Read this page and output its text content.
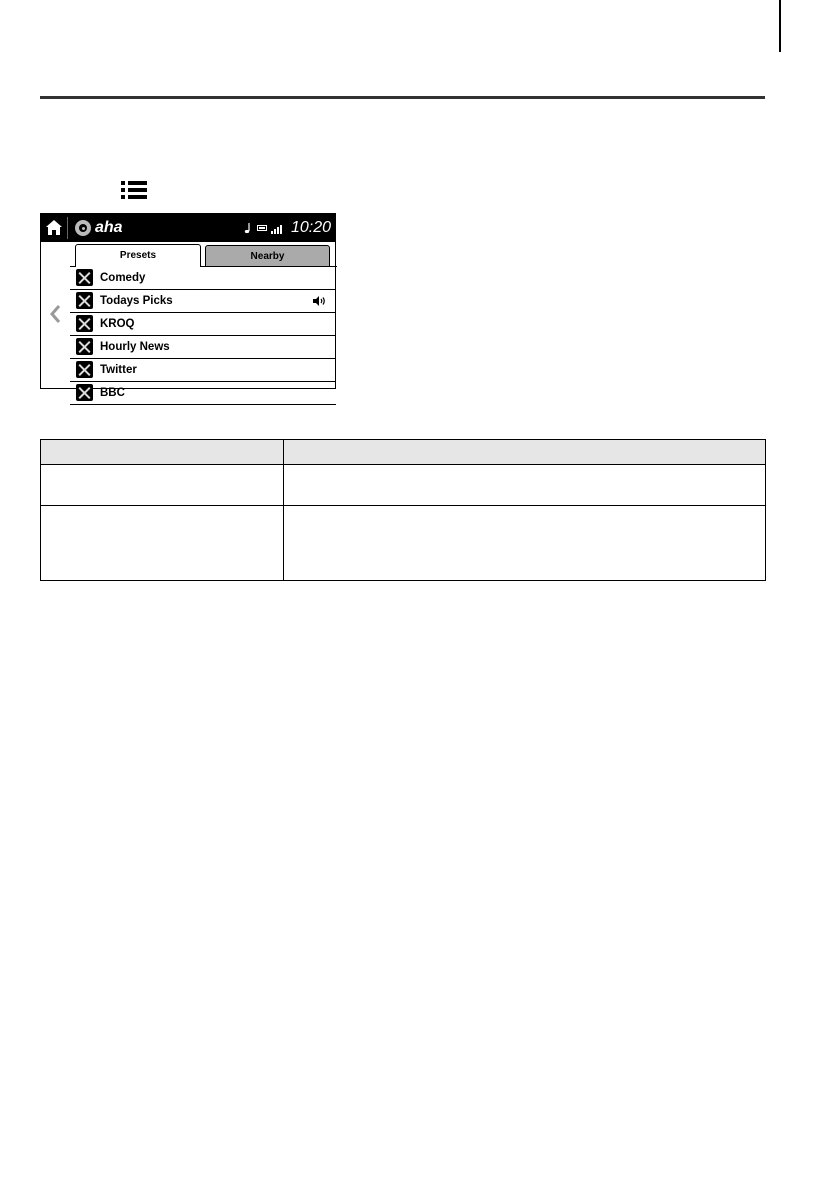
aha	10:20
Presets	Nearby
Comedy
Todays Picks
KROQ
Hourly News
Twitter
BBC
